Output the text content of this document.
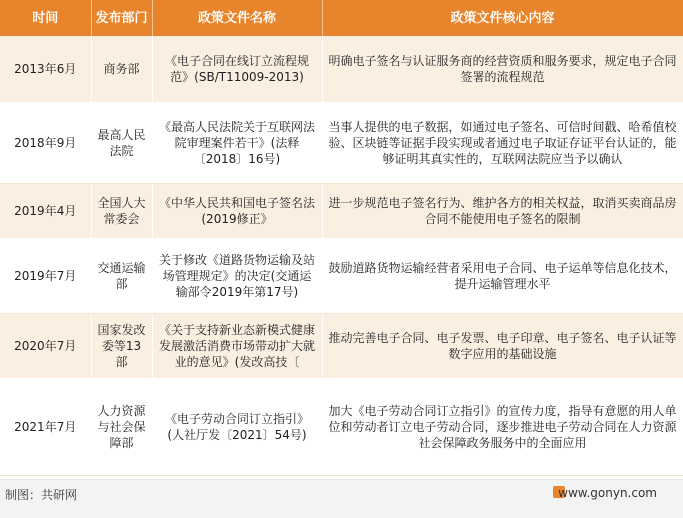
时间	发布部门	政策文件名称	政策文件核心内容
2013年6月	商务部	《电子合同在线订立流程规范》(SB/T11009-2013)	明确电子签名与认证服务商的经营资质和服务要求，规定电子合同签署的流程规范
2018年9月	最高人民法院	《最高人民法院关于互联网法院审理案件若干》(法释〔2018〕16号)	当事人提供的电子数据，如通过电子签名、可信时间戳、哈希值校验、区块链等证据手段实现或者通过电子取证存证平台认证的，能够证明其真实性的，互联网法院应当予以确认
2019年4月	全国人大常委会	《中华人民共和国电子签名法(2019修正》	进一步规范电子签名行为、维护各方的相关权益，取消买卖商品房合同不能使用电子签名的限制
2019年7月	交通运输部	关于修改《道路货物运输及站场管理规定》的决定(交通运输部令2019年第17号)	鼓励道路货物运输经营者采用电子合同、电子运单等信息化技术，提升运输管理水平
2020年7月	国家发改委等13部	《关于支持新业态新模式健康发展激活消费市场带动扩大就业的意见》(发改高技〔	推动完善电子合同、电子发票、电子印章、电子签名、电子认证等数字应用的基础设施
2021年7月	人力资源与社会保障部	《电子劳动合同订立指引》(人社厅发〔2021〕54号)	加大《电子劳动合同订立指引》的宣传力度，指导有意愿的用人单位和劳动者订立电子劳动合同，逐步推进电子劳动合同在人力资源社会保障政务服务中的全面应用
制图：共研网	www.gonyn.com
